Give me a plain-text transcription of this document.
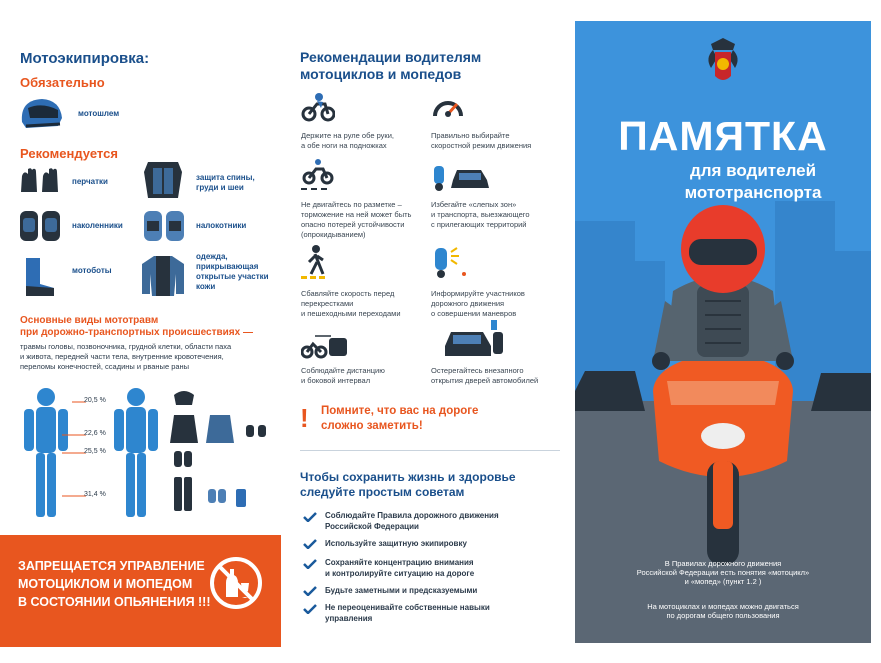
Мотоэкипировка:
Обязательно
мотошлем
Рекомендуется
перчатки	защита спины, груди и шеи
наколенники	налокотники
мотоботы
одежда, прикрывающая открытые участки кожи
Основные виды мототравм
при дорожно-транспортных происшествиях —
травмы головы, позвоночника, грудной клетки, области паха
и живота, передней части тела, внутренние кровотечения,
переломы конечностей, ссадины и рваные раны
20,5 %
22,6 %
25,5 %
31,4 %
ЗАПРЕЩАЕТСЯ УПРАВЛЕНИЕ
МОТОЦИКЛОМ И МОПЕДОМ
В СОСТОЯНИИ ОПЬЯНЕНИЯ !!!
Рекомендации водителям
мотоциклов и мопедов
Держите на руле обе руки,
а обе ноги на подножках
Правильно выбирайте
скоростной режим движения
Не двигайтесь по разметке –
торможение на ней может быть
опасно потерей устойчивости
(опрокидыванием)
Избегайте «слепых зон»
и транспорта, выезжающего
с прилегающих территорий
Сбавляйте скорость перед
перекрестками
и пешеходными переходами
Информируйте участников
дорожного движения
о совершении маневров
Соблюдайте дистанцию
и боковой интервал
Остерегайтесь внезапного
открытия дверей автомобилей
! Помните, что вас на дороге
сложно заметить!
Чтобы сохранить жизнь и здоровье
следуйте простым советам
Соблюдайте Правила дорожного движения
Российской Федерации
Используйте защитную экипировку
Сохраняйте концентрацию внимания
и контролируйте ситуацию на дороге
Будьте заметными и предсказуемыми
Не переоценивайте собственные навыки
управления
ПАМЯТКА
для водителей
мототранспорта
В Правилах дорожного движения
Российской Федерации есть понятия «мотоцикл»
и «мопед» (пункт 1.2 )
На мотоциклах и мопедах можно двигаться
по дорогам общего пользования
